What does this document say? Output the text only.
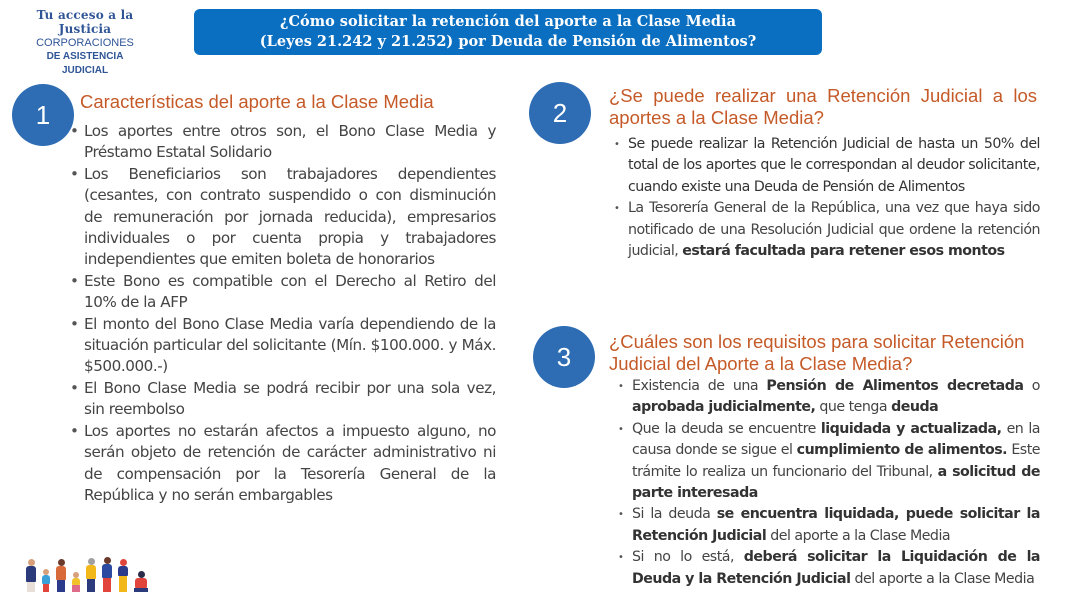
Tu acceso a la Justicia
CORPORACIONES
DE ASISTENCIA
JUDICIAL
¿Cómo solicitar la retención del aporte a la Clase Media
(Leyes 21.242 y 21.252) por Deuda de Pensión de Alimentos?
1	Características del aporte a la Clase Media
• Los aportes entre otros son, el Bono Clase Media y Préstamo Estatal Solidario
• Los Beneficiarios son trabajadores dependientes (cesantes, con contrato suspendido o con disminución de remuneración por jornada reducida), empresarios individuales o por cuenta propia y trabajadores independientes que emiten boleta de honorarios
• Este Bono es compatible con el Derecho al Retiro del 10% de la AFP
• El monto del Bono Clase Media varía dependiendo de la situación particular del solicitante (Mín. $100.000. y Máx. $500.000.-)
• El Bono Clase Media se podrá recibir por una sola vez, sin reembolso
• Los aportes no estarán afectos a impuesto alguno, no serán objeto de retención de carácter administrativo ni de compensación por la Tesorería General de la República y no serán embargables
2
¿Se puede realizar una Retención Judicial a los aportes a la Clase Media?
• Se puede realizar la Retención Judicial de hasta un 50% del total de los aportes que le correspondan al deudor solicitante, cuando existe una Deuda de Pensión de Alimentos
• La Tesorería General de la República, una vez que haya sido notificado de una Resolución Judicial que ordene la retención judicial, estará facultada para retener esos montos
3	¿Cuáles son los requisitos para solicitar Retención Judicial del Aporte a la Clase Media?
• Existencia de una Pensión de Alimentos decretada o aprobada judicialmente, que tenga deuda
• Que la deuda se encuentre liquidada y actualizada, en la causa donde se sigue el cumplimiento de alimentos. Este trámite lo realiza un funcionario del Tribunal, a solicitud de parte interesada
• Si la deuda se encuentra liquidada, puede solicitar la Retención Judicial del aporte a la Clase Media
• Si no lo está, deberá solicitar la Liquidación de la Deuda y la Retención Judicial del aporte a la Clase Media
